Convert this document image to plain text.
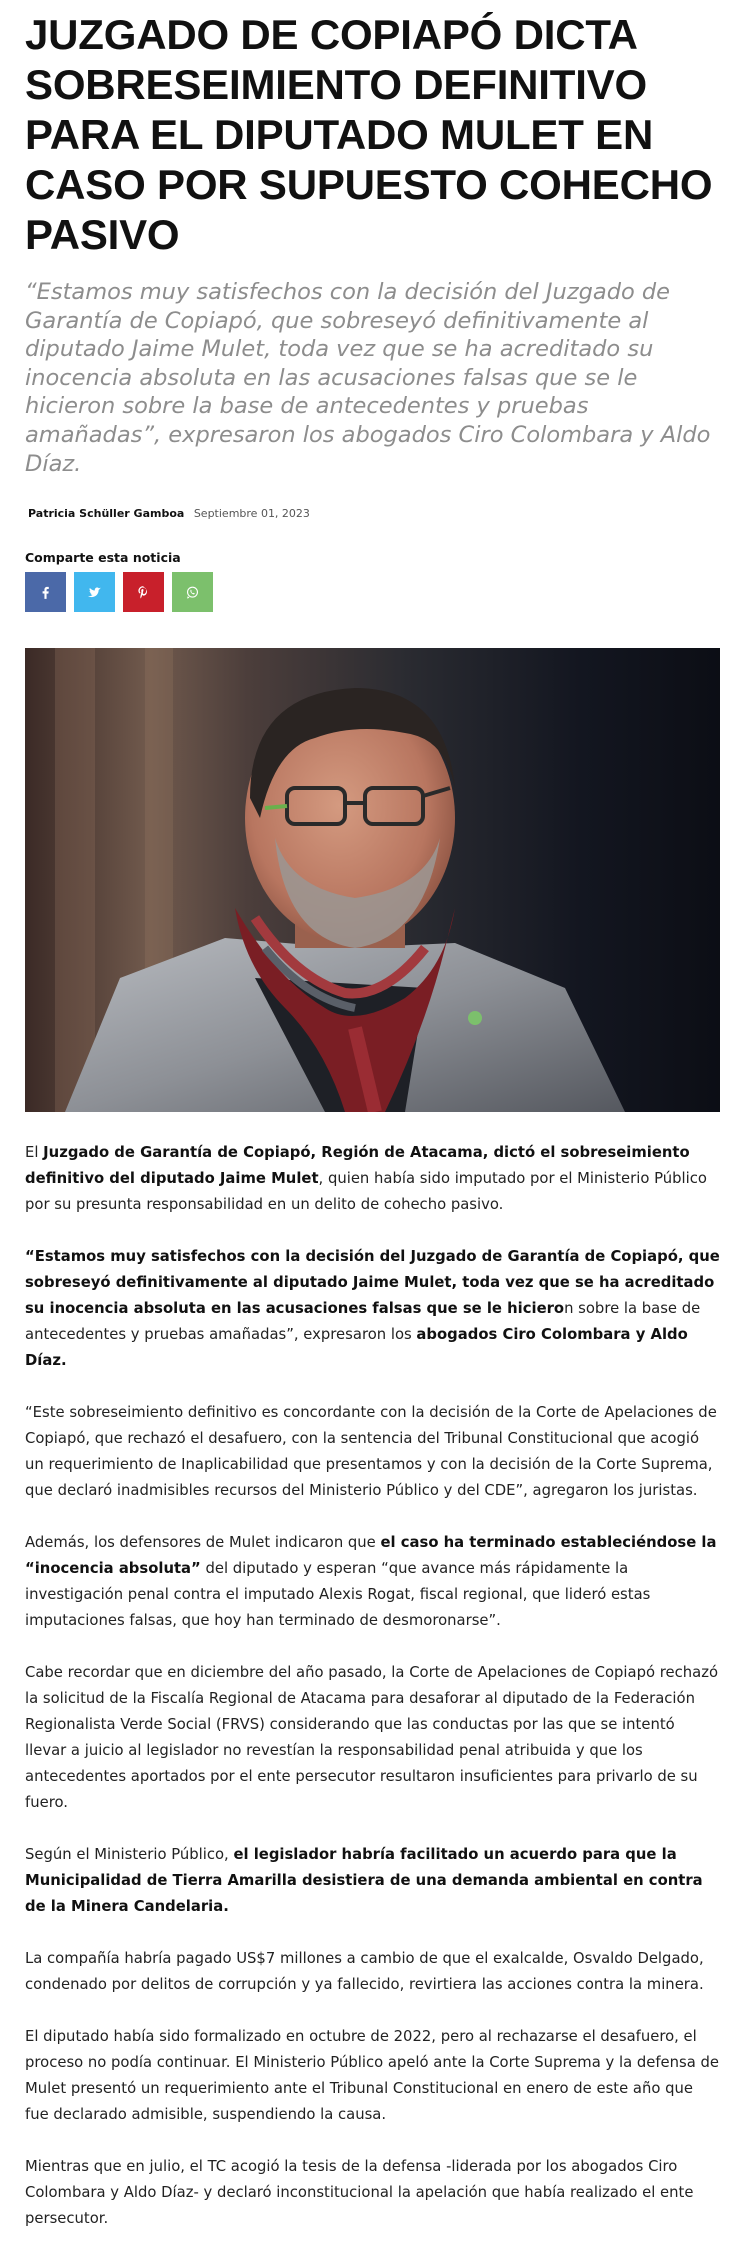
JUZGADO DE COPIAPÓ DICTA SOBRESEIMIENTO DEFINITIVO PARA EL DIPUTADO MULET EN CASO POR SUPUESTO COHECHO PASIVO

“Estamos muy satisfechos con la decisión del Juzgado de Garantía de Copiapó, que sobreseyó definitivamente al diputado Jaime Mulet, toda vez que se ha acreditado su inocencia absoluta en las acusaciones falsas que se le hicieron sobre la base de antecedentes y pruebas amañadas”, expresaron los abogados Ciro Colombara y Aldo Díaz.

Patricia Schüller Gamboa Septiembre 01, 2023
Comparte esta noticia

El Juzgado de Garantía de Copiapó, Región de Atacama, dictó el sobreseimiento definitivo del diputado Jaime Mulet, quien había sido imputado por el Ministerio Público por su presunta responsabilidad en un delito de cohecho pasivo.

“Estamos muy satisfechos con la decisión del Juzgado de Garantía de Copiapó, que sobreseyó definitivamente al diputado Jaime Mulet, toda vez que se ha acreditado su inocencia absoluta en las acusaciones falsas que se le hicieron sobre la base de antecedentes y pruebas amañadas”, expresaron los abogados Ciro Colombara y Aldo Díaz.

“Este sobreseimiento definitivo es concordante con la decisión de la Corte de Apelaciones de Copiapó, que rechazó el desafuero, con la sentencia del Tribunal Constitucional que acogió un requerimiento de Inaplicabilidad que presentamos y con la decisión de la Corte Suprema, que declaró inadmisibles recursos del Ministerio Público y del CDE”, agregaron los juristas.

Además, los defensores de Mulet indicaron que el caso ha terminado estableciéndose la “inocencia absoluta” del diputado y esperan “que avance más rápidamente la investigación penal contra el imputado Alexis Rogat, fiscal regional, que lideró estas imputaciones falsas, que hoy han terminado de desmoronarse”.

Cabe recordar que en diciembre del año pasado, la Corte de Apelaciones de Copiapó rechazó la solicitud de la Fiscalía Regional de Atacama para desaforar al diputado de la Federación Regionalista Verde Social (FRVS) considerando que las conductas por las que se intentó llevar a juicio al legislador no revestían la responsabilidad penal atribuida y que los antecedentes aportados por el ente persecutor resultaron insuficientes para privarlo de su fuero.

Según el Ministerio Público, el legislador habría facilitado un acuerdo para que la Municipalidad de Tierra Amarilla desistiera de una demanda ambiental en contra de la Minera Candelaria.

La compañía habría pagado US$7 millones a cambio de que el exalcalde, Osvaldo Delgado, condenado por delitos de corrupción y ya fallecido, revirtiera las acciones contra la minera.

El diputado había sido formalizado en octubre de 2022, pero al rechazarse el desafuero, el proceso no podía continuar. El Ministerio Público apeló ante la Corte Suprema y la defensa de Mulet presentó un requerimiento ante el Tribunal Constitucional en enero de este año que fue declarado admisible, suspendiendo la causa.

Mientras que en julio, el TC acogió la tesis de la defensa -liderada por los abogados Ciro Colombara y Aldo Díaz- y declaró inconstitucional la apelación que había realizado el ente persecutor.
